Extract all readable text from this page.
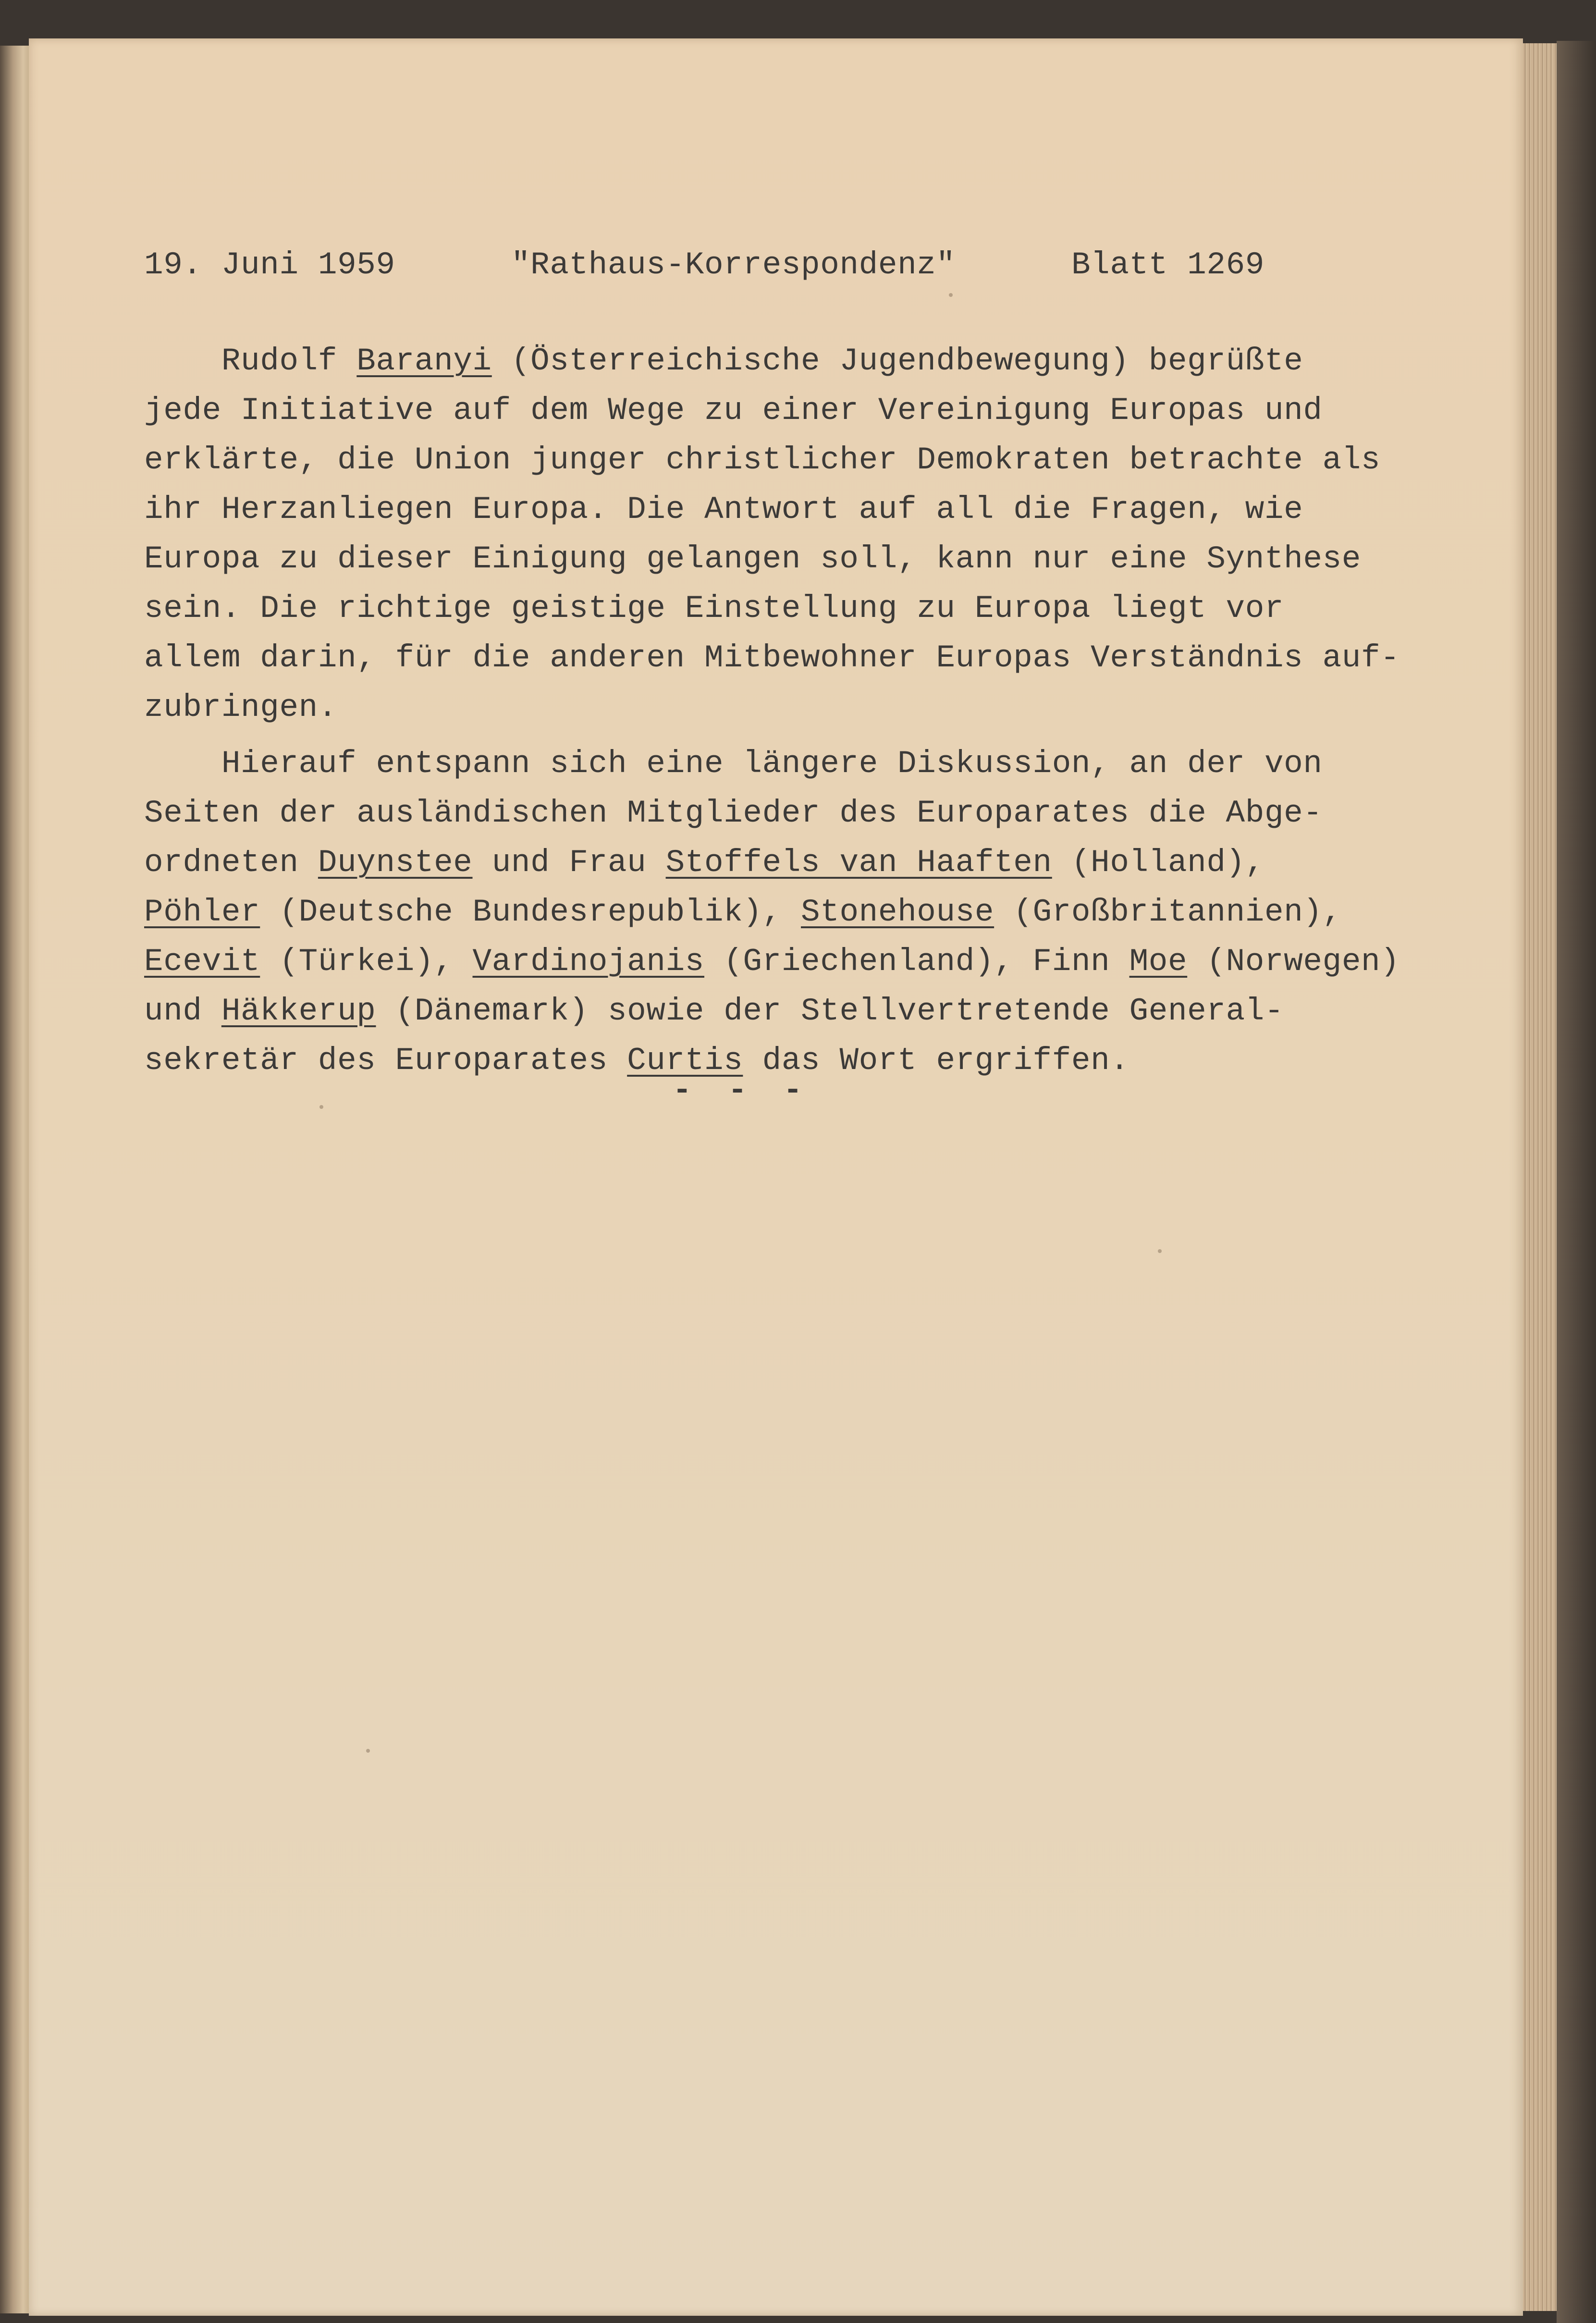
19. Juni 1959	"Rathaus-Korrespondenz"	Blatt 1269
Rudolf Baranyi (Österreichische Jugendbewegung) begrüßte
jede Initiative auf dem Wege zu einer Vereinigung Europas und
erklärte, die Union junger christlicher Demokraten betrachte als
ihr Herzanliegen Europa. Die Antwort auf all die Fragen, wie
Europa zu dieser Einigung gelangen soll, kann nur eine Synthese
sein. Die richtige geistige Einstellung zu Europa liegt vor
allem darin, für die anderen Mitbewohner Europas Verständnis auf-
zubringen.
Hierauf entspann sich eine längere Diskussion, an der von
Seiten der ausländischen Mitglieder des Europarates die Abge-
ordneten Duynstee und Frau Stoffels van Haaften (Holland),
Pöhler (Deutsche Bundesrepublik), Stonehouse (Großbritannien),
Ecevit (Türkei), Vardinojanis (Griechenland), Finn Moe (Norwegen)
und Häkkerup (Dänemark) sowie der Stellvertretende General-
sekretär des Europarates Curtis das Wort ergriffen.
- - -
